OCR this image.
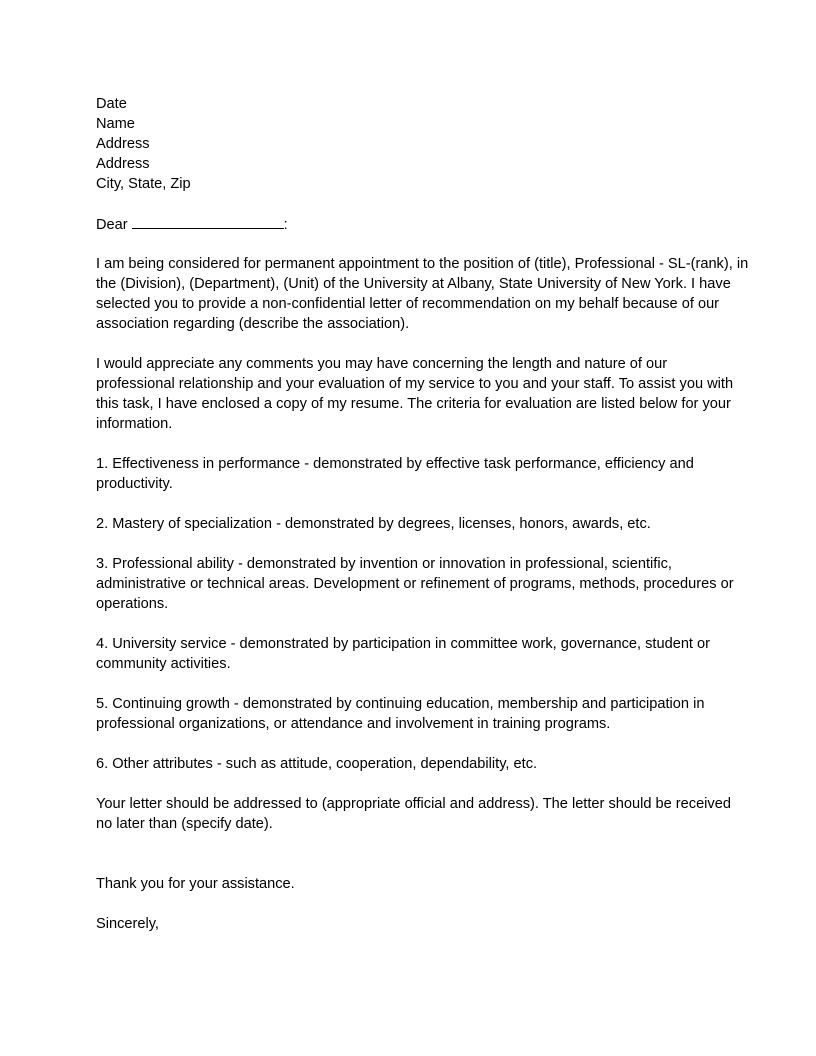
Date
Name
Address
Address
City, State, Zip
Dear	:
I am being considered for permanent appointment to the position of (title), Professional - SL-(rank), in
the (Division), (Department), (Unit) of the University at Albany, State University of New York. I have
selected you to provide a non-confidential letter of recommendation on my behalf because of our
association regarding (describe the association).
I would appreciate any comments you may have concerning the length and nature of our
professional relationship and your evaluation of my service to you and your staff. To assist you with
this task, I have enclosed a copy of my resume. The criteria for evaluation are listed below for your
information.
1. Effectiveness in performance - demonstrated by effective task performance, efficiency and
productivity.
2. Mastery of specialization - demonstrated by degrees, licenses, honors, awards, etc.
3. Professional ability - demonstrated by invention or innovation in professional, scientific,
administrative or technical areas. Development or refinement of programs, methods, procedures or
operations.
4. University service - demonstrated by participation in committee work, governance, student or
community activities.
5. Continuing growth - demonstrated by continuing education, membership and participation in
professional organizations, or attendance and involvement in training programs.
6. Other attributes - such as attitude, cooperation, dependability, etc.
Your letter should be addressed to (appropriate official and address). The letter should be received
no later than (specify date).
Thank you for your assistance.
Sincerely,
